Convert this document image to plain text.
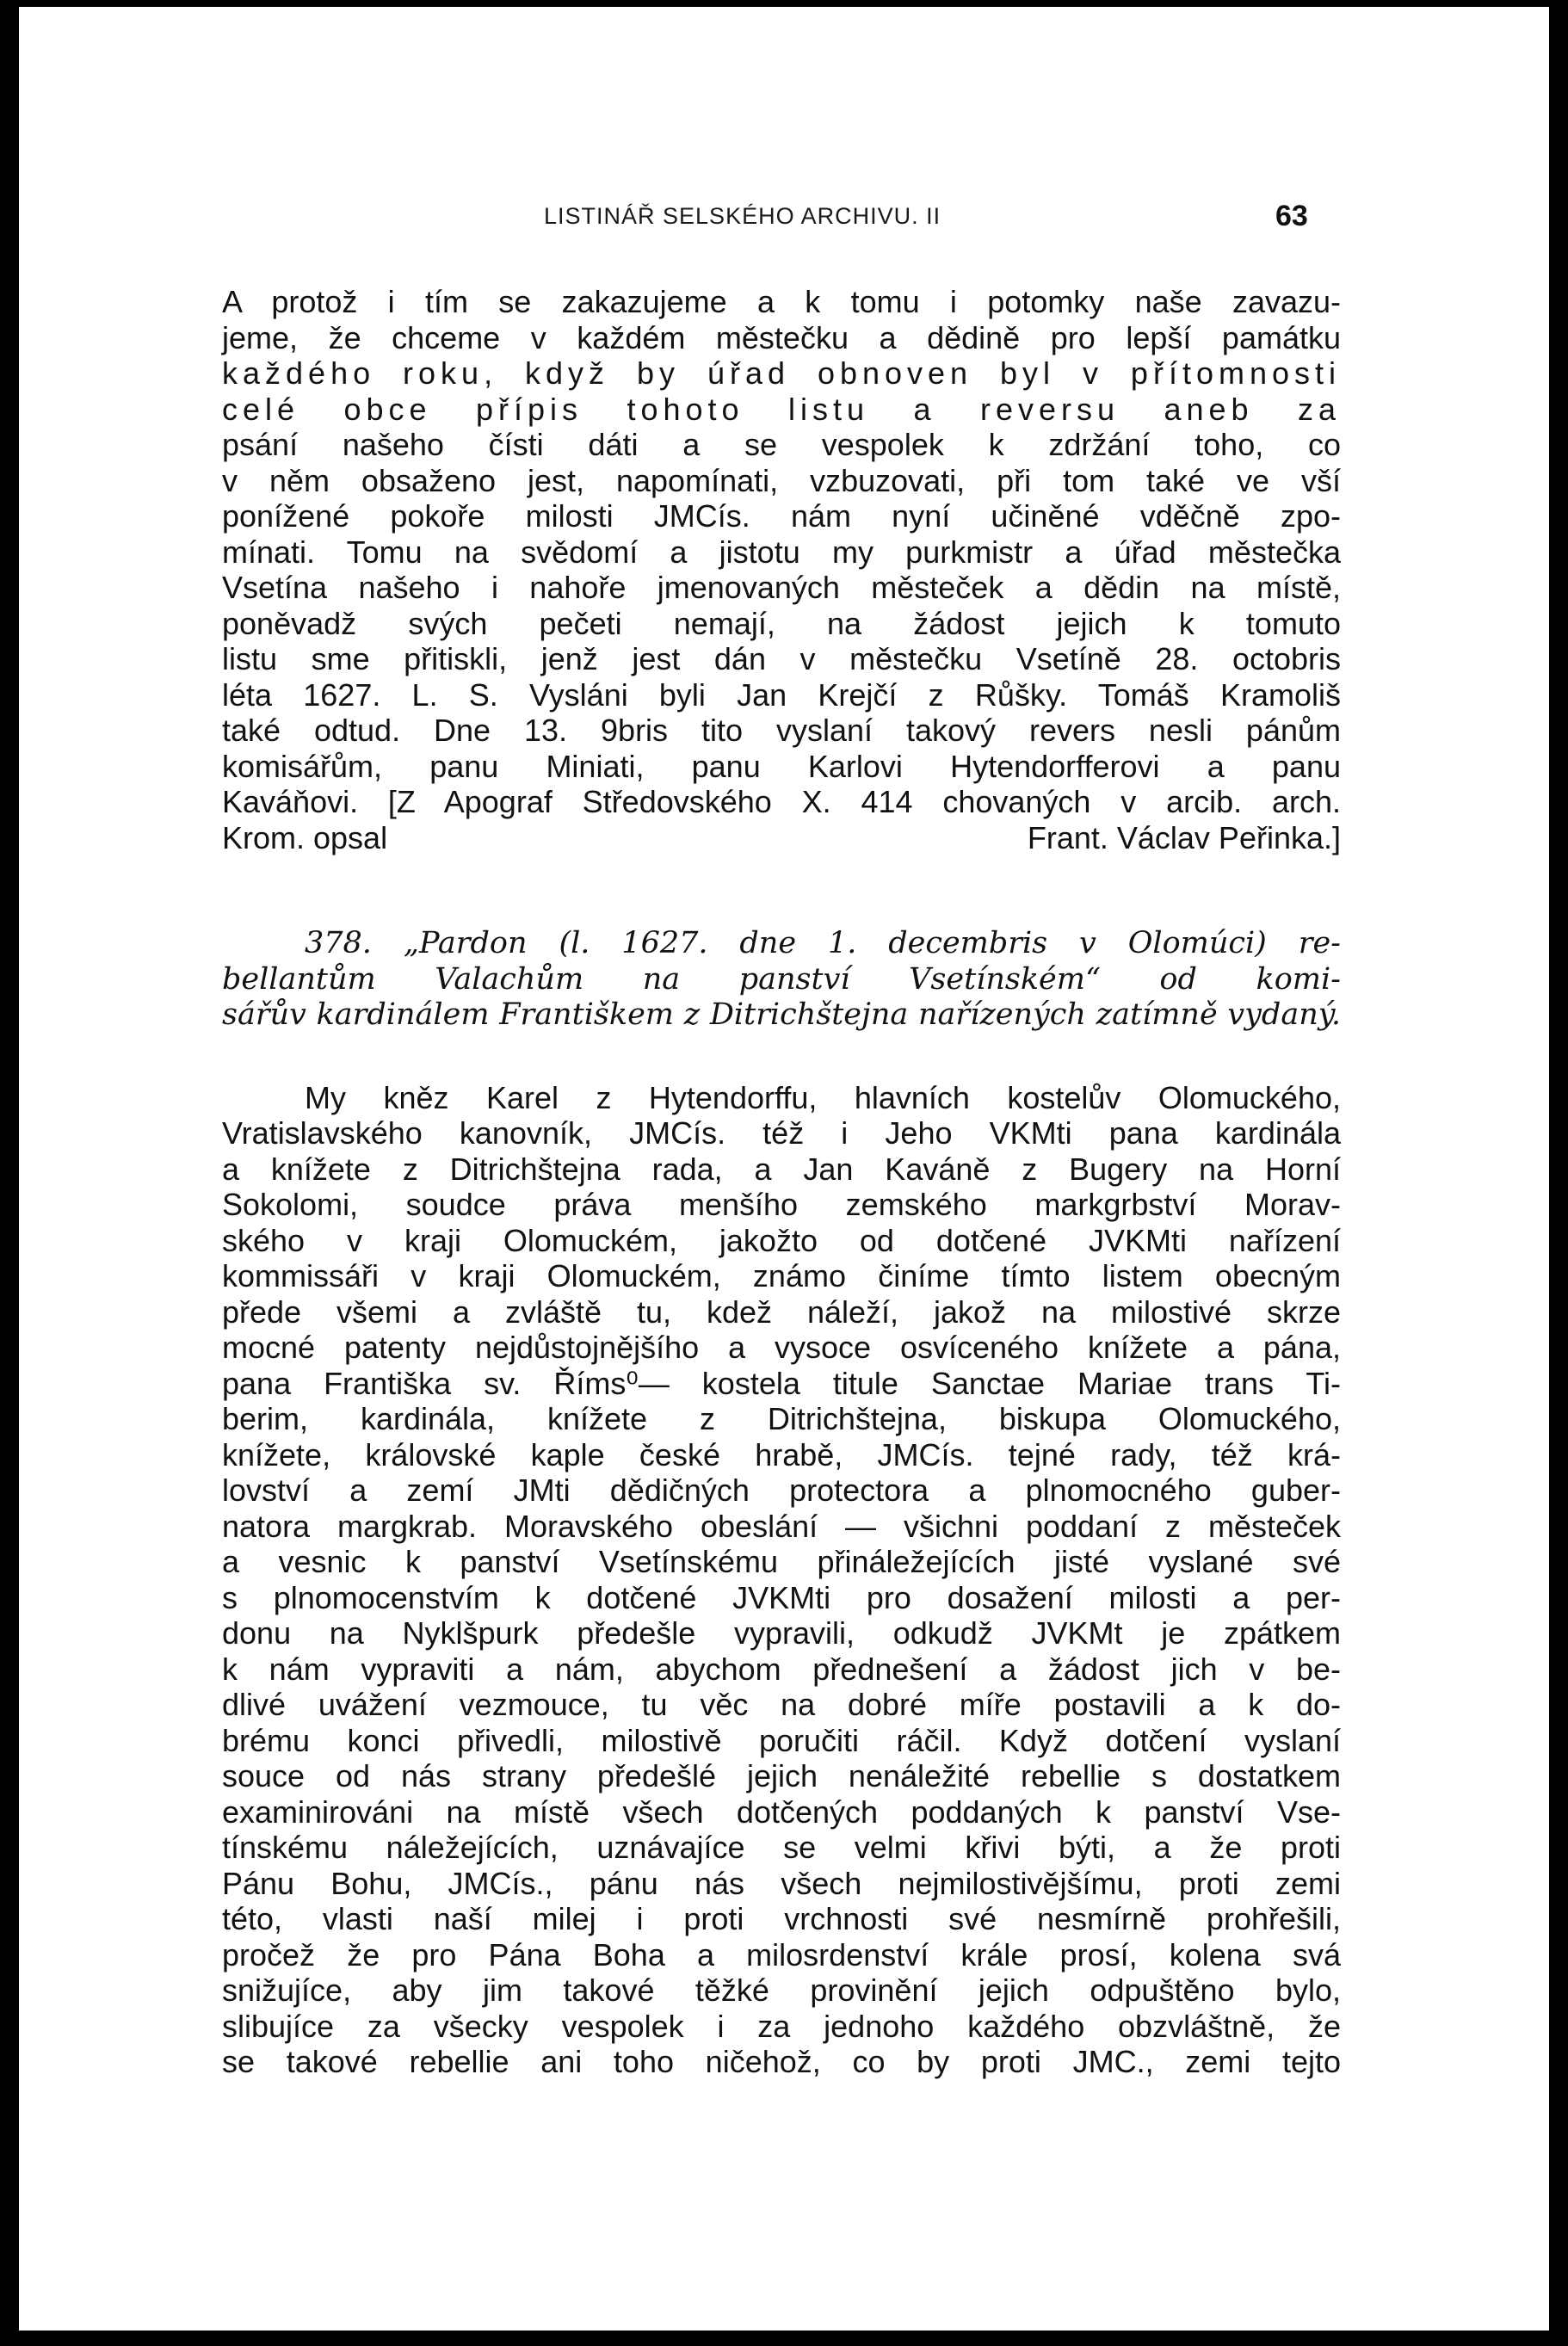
LISTINÁŘ SELSKÉHO ARCHIVU. II	63
A protož i tím se zakazujeme a k tomu i potomky naše zavazu-
jeme, že chceme v každém městečku a dědině pro lepší památku
každého roku, když by úřad obnoven byl v přítomnosti
celé obce přípis tohoto listu a reversu aneb za
psání našeho čísti dáti a se vespolek k zdržání toho, co
v něm obsaženo jest, napomínati, vzbuzovati, při tom také ve vší
ponížené pokoře milosti JMCís. nám nyní učiněné vděčně zpo-
mínati. Tomu na svědomí a jistotu my purkmistr a úřad městečka
Vsetína našeho i nahoře jmenovaných městeček a dědin na místě,
poněvadž svých pečeti nemají, na žádost jejich k tomuto
listu sme přitiskli, jenž jest dán v městečku Vsetíně 28. octobris
léta 1627. L. S. Vysláni byli Jan Krejčí z Růšky. Tomáš Kramoliš
také odtud. Dne 13. 9bris tito vyslaní takový revers nesli pánům
komisářům, panu Miniati, panu Karlovi Hytendorfferovi a panu
Kaváňovi. [Z Apograf Středovského X. 414 chovaných v arcib. arch.
Krom. opsal	Frant. Václav Peřinka.]
378. „Pardon (l. 1627. dne 1. decembris v Olomúci) re-
bellantům Valachům na panství Vsetínském“ od komi-
sářův kardinálem Františkem z Ditrichštejna nařízených zatímně vydaný.
My kněz Karel z Hytendorffu, hlavních kostelův Olomuckého,
Vratislavského kanovník, JMCís. též i Jeho VKMti pana kardinála
a knížete z Ditrichštejna rada, a Jan Kaváně z Bugery na Horní
Sokolomi, soudce práva menšího zemského markgrbství Morav-
ského v kraji Olomuckém, jakožto od dotčené JVKMti nařízení
kommissáři v kraji Olomuckém, známo činíme tímto listem obecným
přede všemi a zvláště tu, kdež náleží, jakož na milostivé skrze
mocné patenty nejdůstojnějšího a vysoce osvíceného knížete a pána,
pana Františka sv. Říms⁰— kostela titule Sanctae Mariae trans Ti-
berim, kardinála, knížete z Ditrichštejna, biskupa Olomuckého,
knížete, královské kaple české hrabě, JMCís. tejné rady, též krá-
lovství a zemí JMti dědičných protectora a plnomocného guber-
natora margkrab. Moravského obeslání — všichni poddaní z městeček
a vesnic k panství Vsetínskému přináležejících jisté vyslané své
s plnomocenstvím k dotčené JVKMti pro dosažení milosti a per-
donu na Nyklšpurk předešle vypravili, odkudž JVKMt je zpátkem
k nám vypraviti a nám, abychom přednešení a žádost jich v be-
dlivé uvážení vezmouce, tu věc na dobré míře postavili a k do-
brému konci přivedli, milostivě poručiti ráčil. Když dotčení vyslaní
souce od nás strany předešlé jejich nenáležité rebellie s dostatkem
examinirováni na místě všech dotčených poddaných k panství Vse-
tínskému náležejících, uznávajíce se velmi křivi býti, a že proti
Pánu Bohu, JMCís., pánu nás všech nejmilostivějšímu, proti zemi
této, vlasti naší milej i proti vrchnosti své nesmírně prohřešili,
pročež že pro Pána Boha a milosrdenství krále prosí, kolena svá
snižujíce, aby jim takové těžké provinění jejich odpuštěno bylo,
slibujíce za všecky vespolek i za jednoho každého obzvláštně, že
se takové rebellie ani toho ničehož, co by proti JMC., zemi tejto
